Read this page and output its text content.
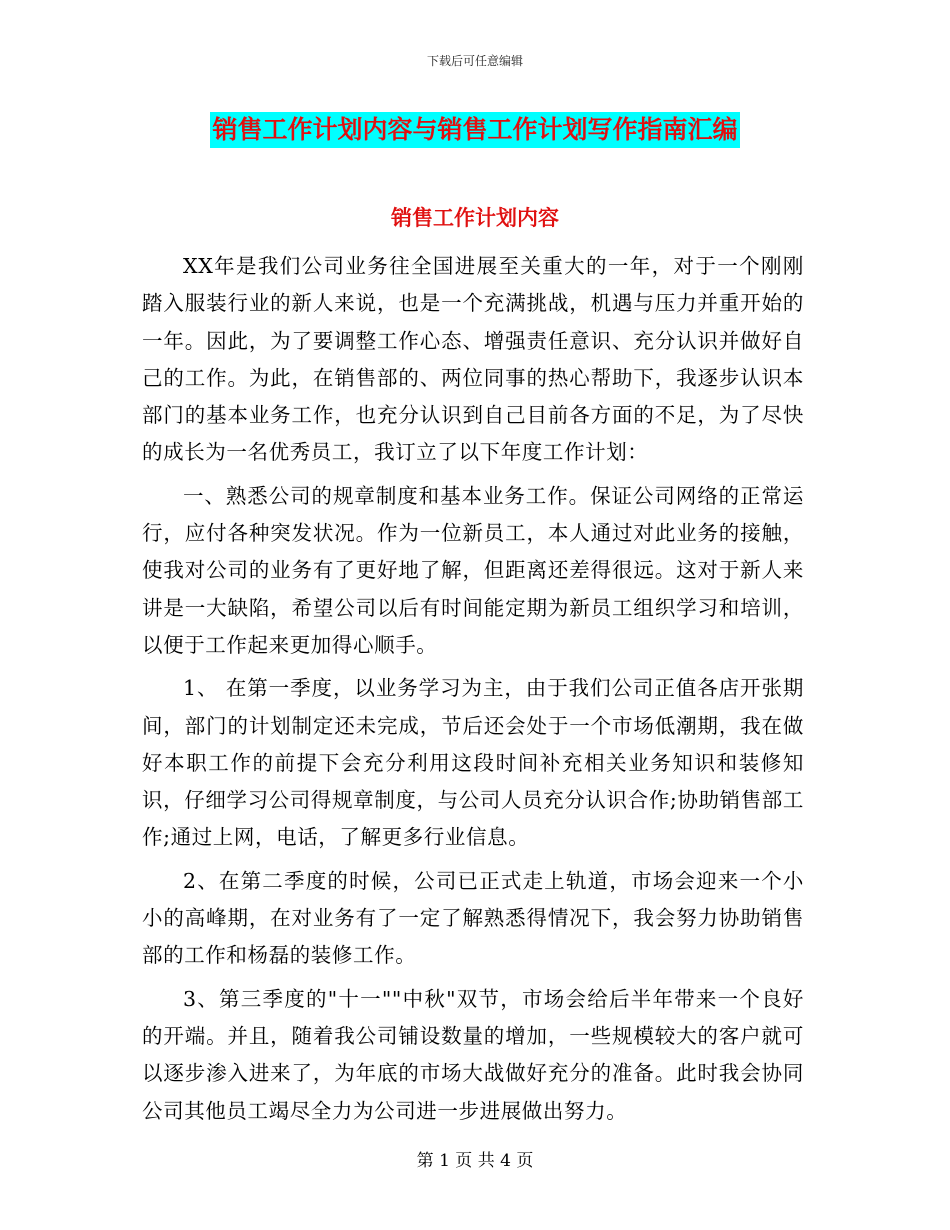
下载后可任意编辑
销售工作计划内容与销售工作计划写作指南汇编
销售工作计划内容

XX年是我们公司业务往全国进展至关重大的一年，对于一个刚刚踏入服装行业的新人来说，也是一个充满挑战，机遇与压力并重开始的一年。因此，为了要调整工作心态、增强责任意识、充分认识并做好自己的工作。为此，在销售部的、两位同事的热心帮助下，我逐步认识本部门的基本业务工作，也充分认识到自己目前各方面的不足，为了尽快的成长为一名优秀员工，我订立了以下年度工作计划：

一、熟悉公司的规章制度和基本业务工作。保证公司网络的正常运行，应付各种突发状况。作为一位新员工，本人通过对此业务的接触，使我对公司的业务有了更好地了解，但距离还差得很远。这对于新人来讲是一大缺陷，希望公司以后有时间能定期为新员工组织学习和培训，以便于工作起来更加得心顺手。

1、 在第一季度，以业务学习为主，由于我们公司正值各店开张期间，部门的计划制定还未完成，节后还会处于一个市场低潮期，我在做好本职工作的前提下会充分利用这段时间补充相关业务知识和装修知识，仔细学习公司得规章制度，与公司人员充分认识合作;协助销售部工作;通过上网，电话，了解更多行业信息。

2、在第二季度的时候，公司已正式走上轨道，市场会迎来一个小小的高峰期，在对业务有了一定了解熟悉得情况下，我会努力协助销售部的工作和杨磊的装修工作。

3、第三季度的"十一""中秋"双节，市场会给后半年带来一个良好的开端。并且，随着我公司铺设数量的增加，一些规模较大的客户就可以逐步渗入进来了，为年底的市场大战做好充分的准备。此时我会协同公司其他员工竭尽全力为公司进一步进展做出努力。

第 1 页 共 4 页
